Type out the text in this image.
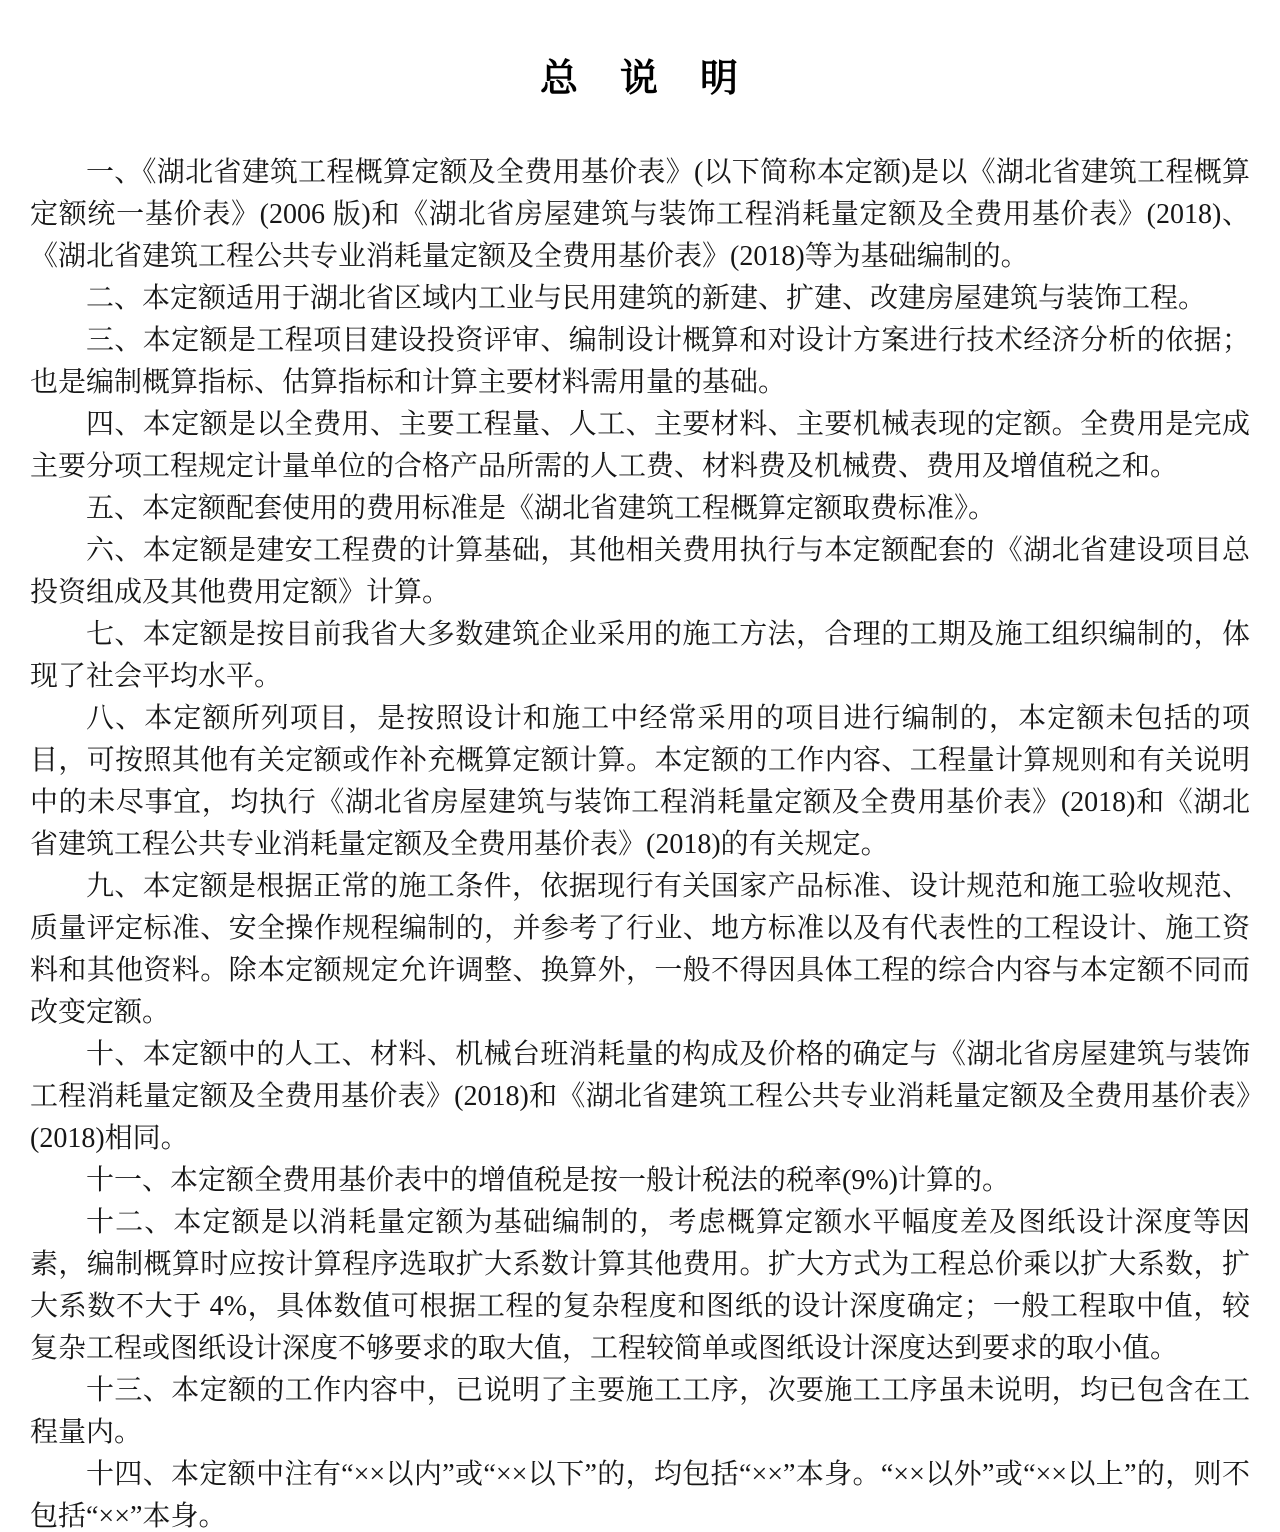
总　说　明

一、《湖北省建筑工程概算定额及全费用基价表》(以下简称本定额)是以《湖北省建筑工程概算定额统一基价表》(2006 版)和《湖北省房屋建筑与装饰工程消耗量定额及全费用基价表》(2018)、《湖北省建筑工程公共专业消耗量定额及全费用基价表》(2018)等为基础编制的。

二、本定额适用于湖北省区域内工业与民用建筑的新建、扩建、改建房屋建筑与装饰工程。

三、本定额是工程项目建设投资评审、编制设计概算和对设计方案进行技术经济分析的依据；也是编制概算指标、估算指标和计算主要材料需用量的基础。

四、本定额是以全费用、主要工程量、人工、主要材料、主要机械表现的定额。全费用是完成主要分项工程规定计量单位的合格产品所需的人工费、材料费及机械费、费用及增值税之和。

五、本定额配套使用的费用标准是《湖北省建筑工程概算定额取费标准》。

六、本定额是建安工程费的计算基础，其他相关费用执行与本定额配套的《湖北省建设项目总投资组成及其他费用定额》计算。

七、本定额是按目前我省大多数建筑企业采用的施工方法，合理的工期及施工组织编制的，体现了社会平均水平。

八、本定额所列项目，是按照设计和施工中经常采用的项目进行编制的，本定额未包括的项目，可按照其他有关定额或作补充概算定额计算。本定额的工作内容、工程量计算规则和有关说明中的未尽事宜，均执行《湖北省房屋建筑与装饰工程消耗量定额及全费用基价表》(2018)和《湖北省建筑工程公共专业消耗量定额及全费用基价表》(2018)的有关规定。

九、本定额是根据正常的施工条件，依据现行有关国家产品标准、设计规范和施工验收规范、质量评定标准、安全操作规程编制的，并参考了行业、地方标准以及有代表性的工程设计、施工资料和其他资料。除本定额规定允许调整、换算外，一般不得因具体工程的综合内容与本定额不同而改变定额。

十、本定额中的人工、材料、机械台班消耗量的构成及价格的确定与《湖北省房屋建筑与装饰工程消耗量定额及全费用基价表》(2018)和《湖北省建筑工程公共专业消耗量定额及全费用基价表》(2018)相同。

十一、本定额全费用基价表中的增值税是按一般计税法的税率(9%)计算的。

十二、本定额是以消耗量定额为基础编制的，考虑概算定额水平幅度差及图纸设计深度等因素，编制概算时应按计算程序选取扩大系数计算其他费用。扩大方式为工程总价乘以扩大系数，扩大系数不大于 4%，具体数值可根据工程的复杂程度和图纸的设计深度确定；一般工程取中值，较复杂工程或图纸设计深度不够要求的取大值，工程较简单或图纸设计深度达到要求的取小值。

十三、本定额的工作内容中，已说明了主要施工工序，次要施工工序虽未说明，均已包含在工程量内。

十四、本定额中注有“××以内”或“××以下”的，均包括“××”本身。“××以外”或“××以上”的，则不包括“××”本身。
